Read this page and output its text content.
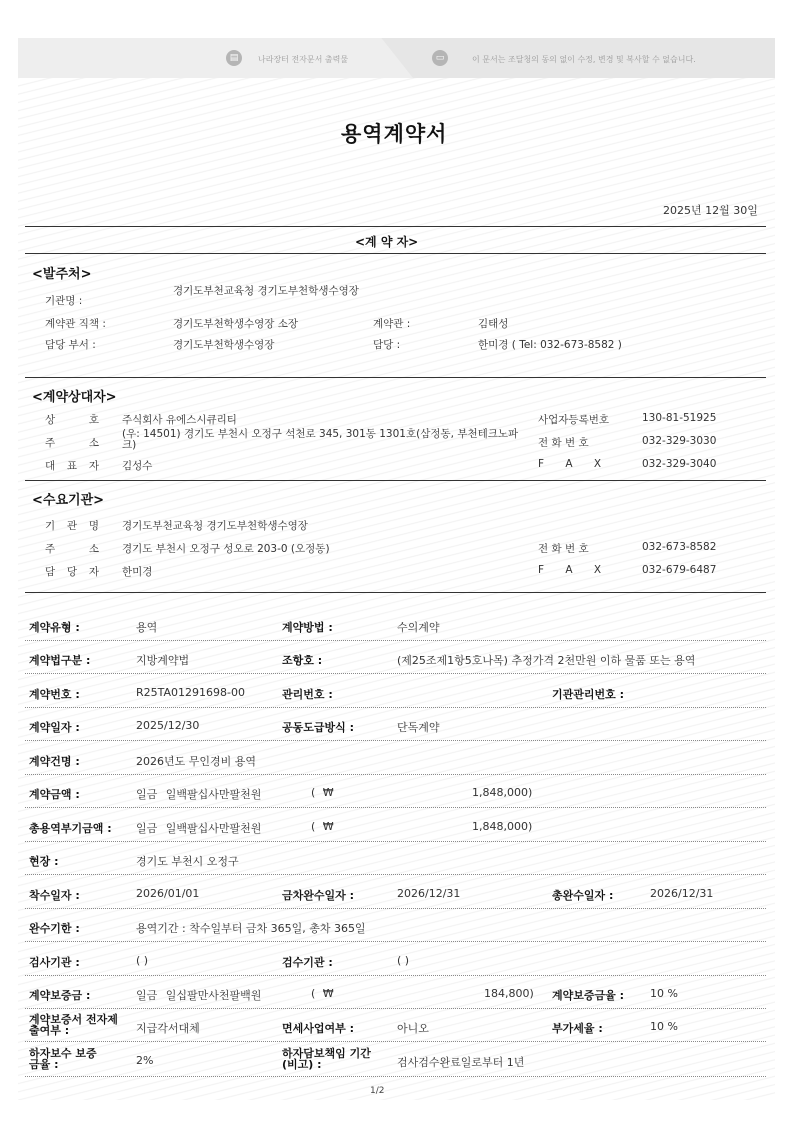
▤	나라장터 전자문서 출력물	▭	이 문서는 조달청의 동의 없이 수정, 변경 및 복사할 수 없습니다.
용역계약서
2025년 12월 30일
<계 약 자>
<발주처>
기관명 :
경기도부천교육청 경기도부천학생수영장
계약관 직책 :	경기도부천학생수영장 소장	계약관 :	김태성
담당 부서 :	경기도부천학생수영장	담당 :	한미경 ( Tel: 032-673-8582 )
<계약상대자>
상 호 주식회사 유에스시큐리티
주 소
(우: 14501) 경기도 부천시 오정구 석천로 345, 301동 1301호(삼정동, 부천테크노파크)
대 표 자 김성수
사업자등록번호	130-81-51925
전 화 번 호	032-329-3030
F A X	032-329-3040
<수요기관>
기 관 명 경기도부천교육청 경기도부천학생수영장
주 소 경기도 부천시 오정구 성오로 203-0 (오정동)
담 당 자 한미경
전 화 번 호	032-673-8582
F A X	032-679-6487
계약유형 :	용역	계약방법 :	수의계약
계약법구분 :	지방계약법	조항호 :	(제25조제1항5호나목) 추정가격 2천만원 이하 물품 또는 용역
계약번호 :	R25TA01291698-00	관리번호 :	기관관리번호 :
계약일자 :	2025/12/30	공동도급방식 :	단독계약
계약건명 :	2026년도 무인경비 용역
계약금액 :	일금 일백팔십사만팔천원	( ₩	1,848,000)
총용역부기금액 : 일금 일백팔십사만팔천원	( ₩	1,848,000)
현장 :	경기도 부천시 오정구
착수일자 :	2026/01/01	금차완수일자 :	2026/12/31	총완수일자 :	2026/12/31
완수기한 :	용역기간 : 착수일부터 금차 365일, 총차 365일
검사기관 :	( )	검수기관 :	( )
계약보증금 :	일금 일십팔만사천팔백원	( ₩	184,800) 계약보증금율 : 10 %
계약보증서 전자제출여부 :	지급각서대체	면세사업여부 :	아니오	부가세율 :	10 %
하자보수 보증금율 :	2%
하자담보책임 기간(비고) :	검사검수완료일로부터 1년
1/2
